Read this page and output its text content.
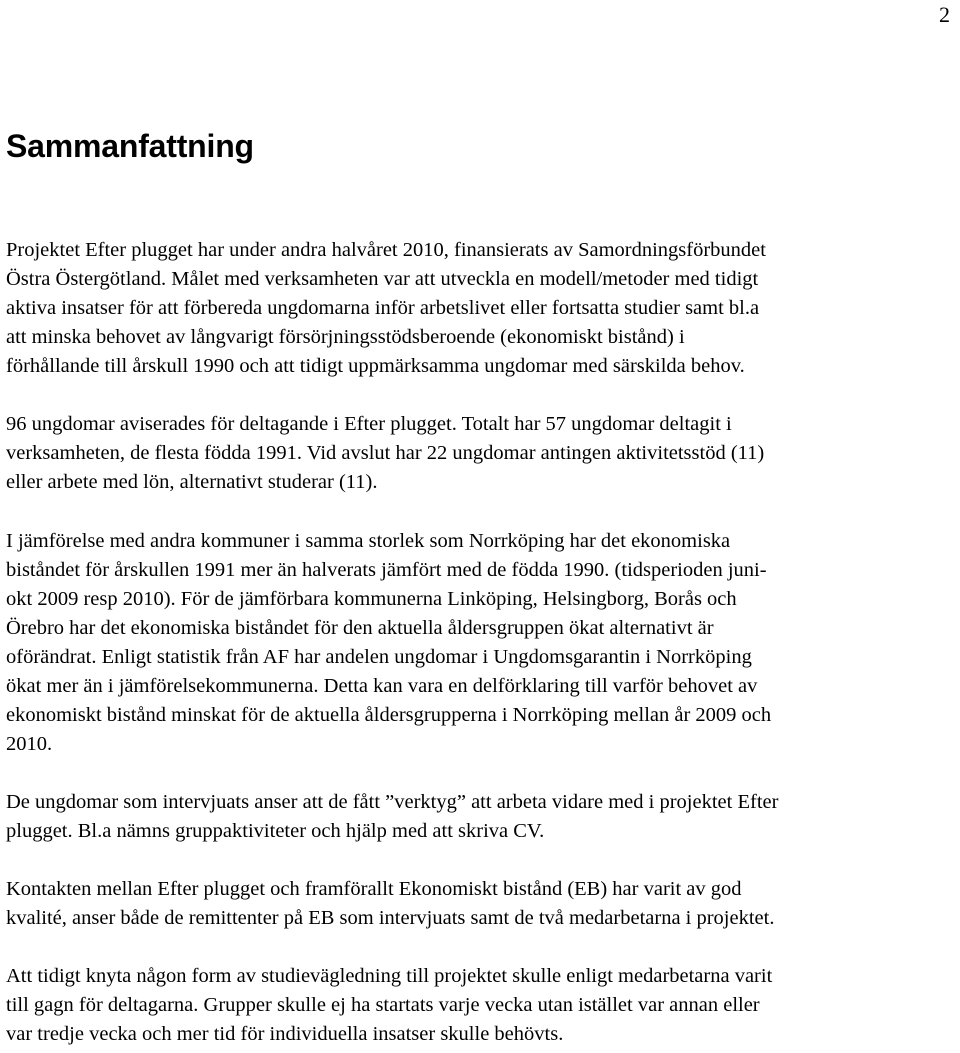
2
Sammanfattning

Projektet Efter plugget har under andra halvåret 2010, finansierats av Samordningsförbundet
Östra Östergötland. Målet med verksamheten var att utveckla en modell/metoder med tidigt
aktiva insatser för att förbereda ungdomarna inför arbetslivet eller fortsatta studier samt bl.a
att minska behovet av långvarigt försörjningsstödsberoende (ekonomiskt bistånd) i
förhållande till årskull 1990 och att tidigt uppmärksamma ungdomar med särskilda behov.

96 ungdomar aviserades för deltagande i Efter plugget. Totalt har 57 ungdomar deltagit i
verksamheten, de flesta födda 1991. Vid avslut har 22 ungdomar antingen aktivitetsstöd (11)
eller arbete med lön, alternativt studerar (11).

I jämförelse med andra kommuner i samma storlek som Norrköping har det ekonomiska
biståndet för årskullen 1991 mer än halverats jämfört med de födda 1990. (tidsperioden juni-
okt 2009 resp 2010). För de jämförbara kommunerna Linköping, Helsingborg, Borås och
Örebro har det ekonomiska biståndet för den aktuella åldersgruppen ökat alternativt är
oförändrat. Enligt statistik från AF har andelen ungdomar i Ungdomsgarantin i Norrköping
ökat mer än i jämförelsekommunerna. Detta kan vara en delförklaring till varför behovet av
ekonomiskt bistånd minskat för de aktuella åldersgrupperna i Norrköping mellan år 2009 och
2010.

De ungdomar som intervjuats anser att de fått ”verktyg” att arbeta vidare med i projektet Efter
plugget. Bl.a nämns gruppaktiviteter och hjälp med att skriva CV.

Kontakten mellan Efter plugget och framförallt Ekonomiskt bistånd (EB) har varit av god
kvalité, anser både de remittenter på EB som intervjuats samt de två medarbetarna i projektet.

Att tidigt knyta någon form av studievägledning till projektet skulle enligt medarbetarna varit
till gagn för deltagarna. Grupper skulle ej ha startats varje vecka utan istället var annan eller
var tredje vecka och mer tid för individuella insatser skulle behövts.
